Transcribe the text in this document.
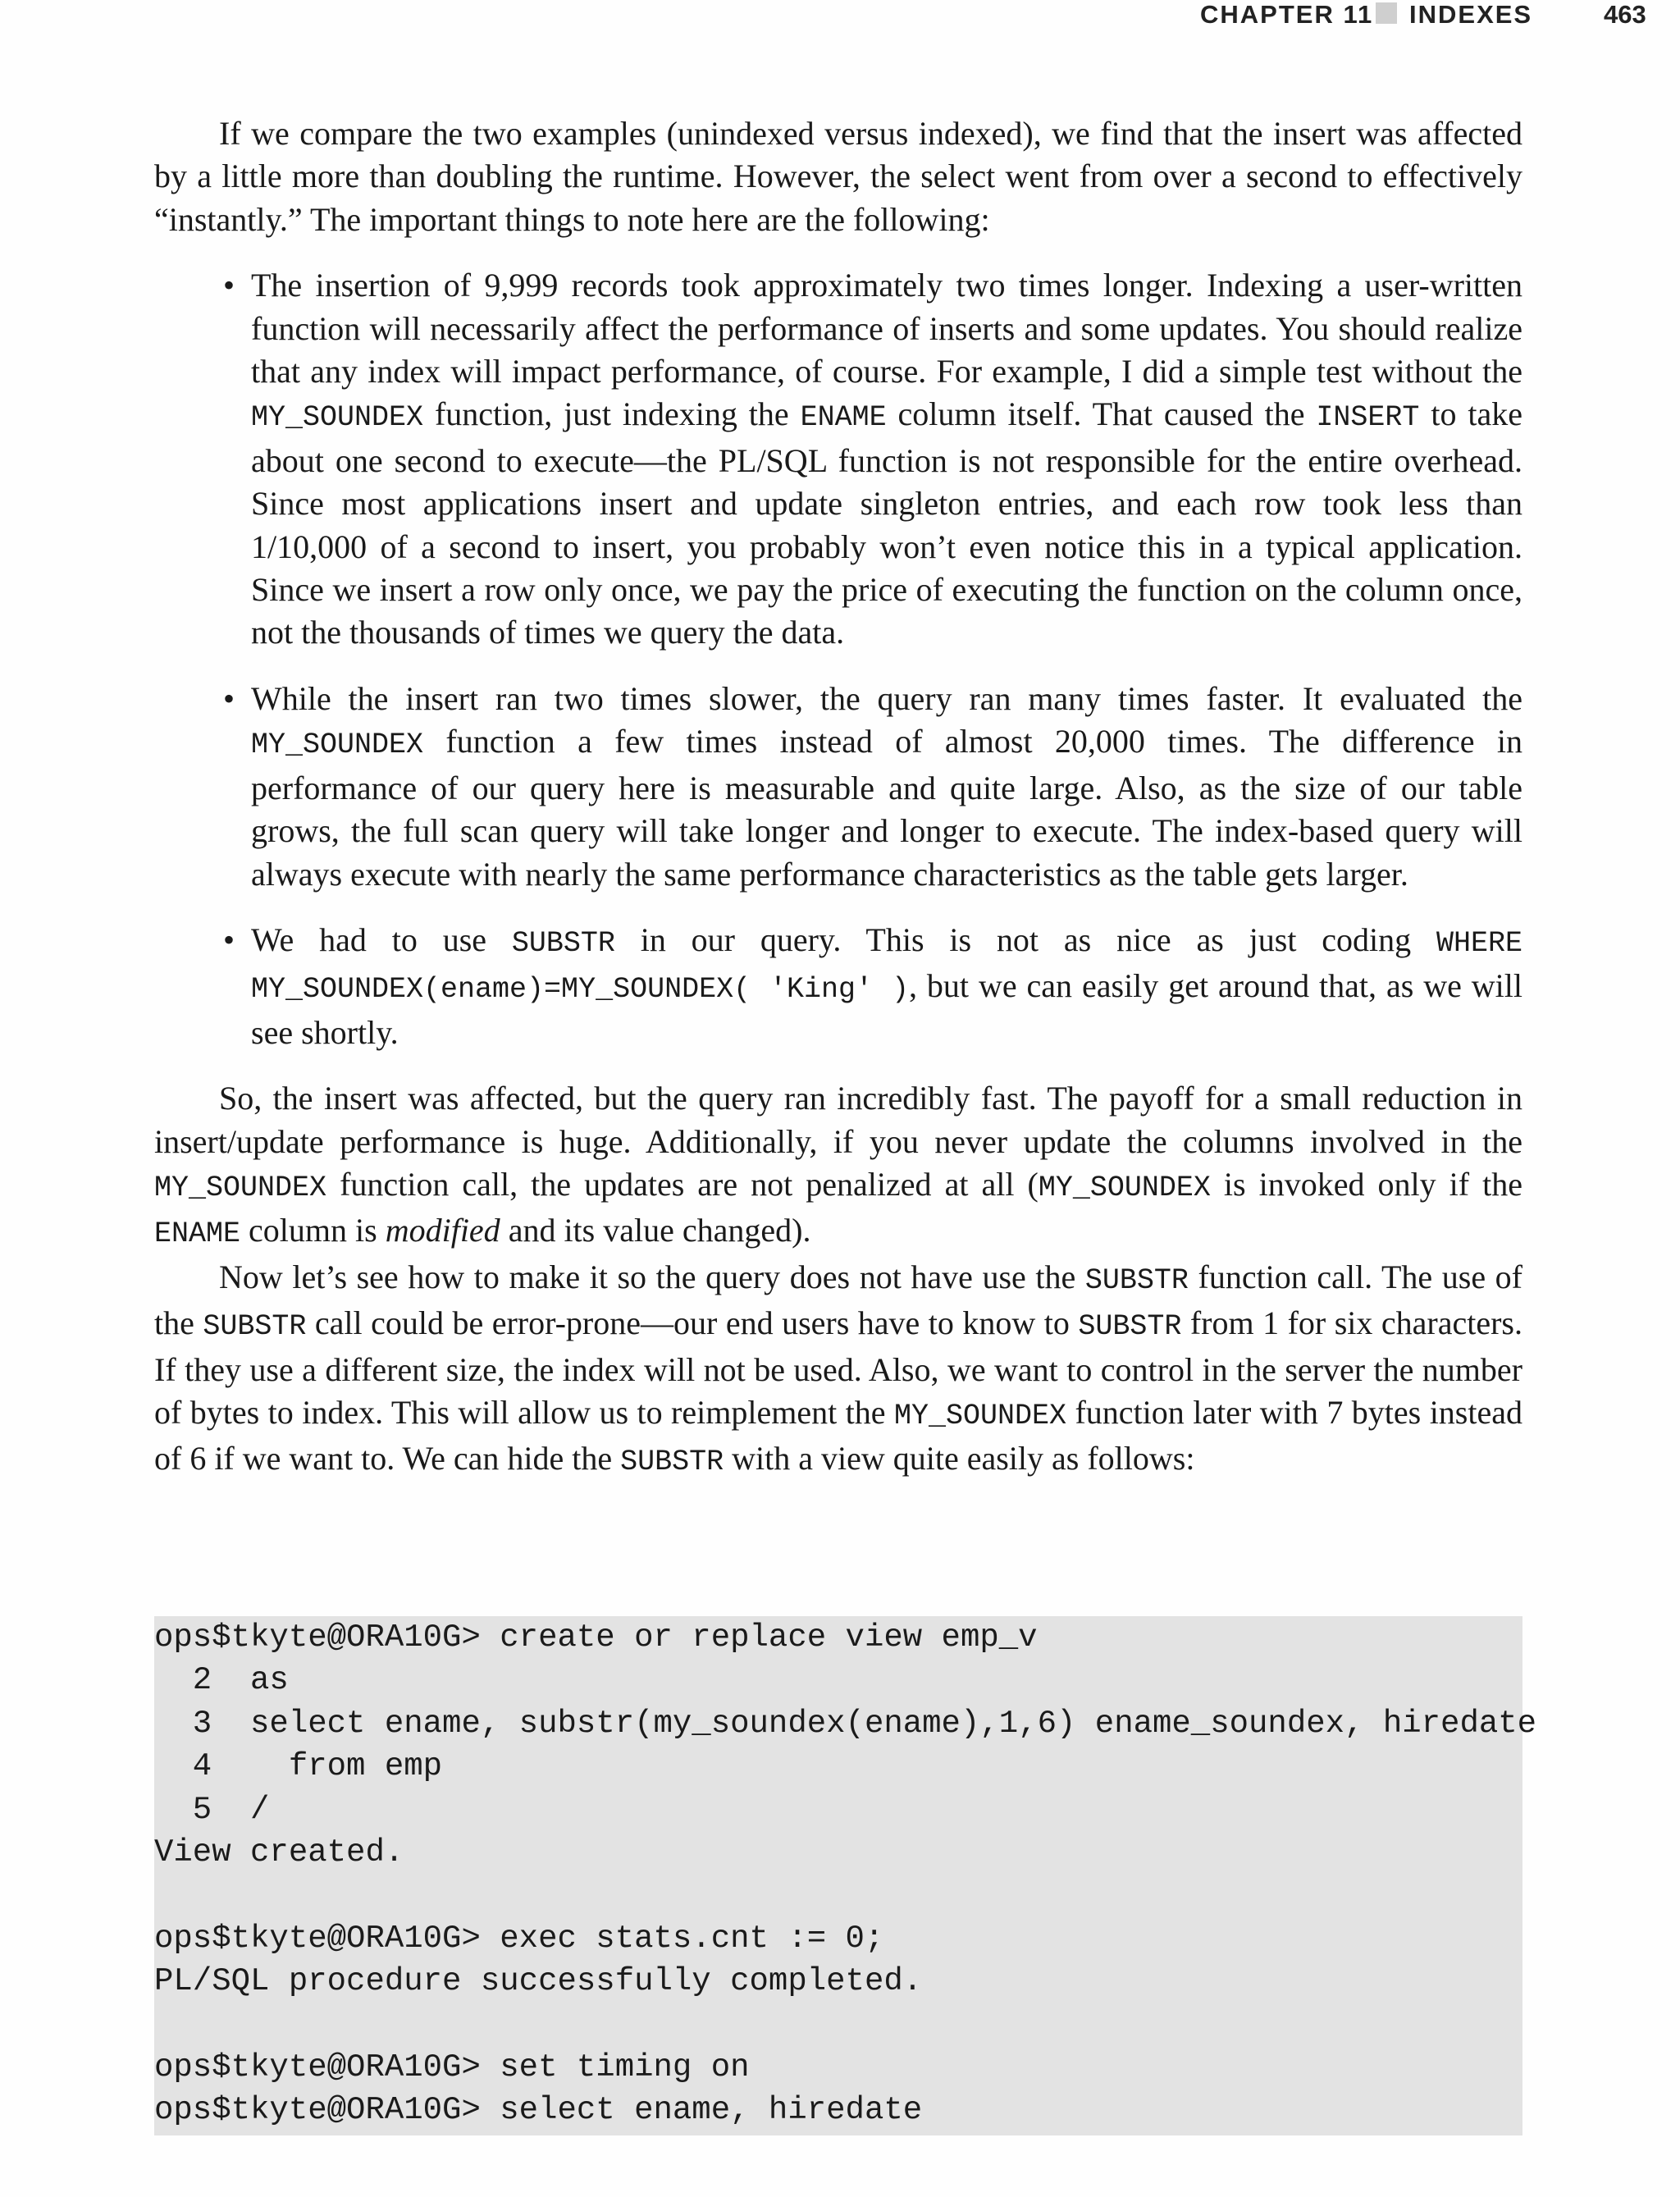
CHAPTER 11 INDEXES	463

If we compare the two examples (unindexed versus indexed), we find that the insert was affected by a little more than doubling the runtime. However, the select went from over a second to effectively “instantly.” The important things to note here are the following:

• The insertion of 9,999 records took approximately two times longer. Indexing a user-written function will necessarily affect the performance of inserts and some updates. You should realize that any index will impact performance, of course. For example, I did a simple test without the MY_SOUNDEX function, just indexing the ENAME column itself. That caused the INSERT to take about one second to execute—the PL/SQL function is not responsible for the entire overhead. Since most applications insert and update singleton entries, and each row took less than 1/10,000 of a second to insert, you probably won’t even notice this in a typical application. Since we insert a row only once, we pay the price of executing the function on the column once, not the thousands of times we query the data.
• While the insert ran two times slower, the query ran many times faster. It evaluated the MY_SOUNDEX function a few times instead of almost 20,000 times. The difference in performance of our query here is measurable and quite large. Also, as the size of our table grows, the full scan query will take longer and longer to execute. The index-based query will always execute with nearly the same performance characteristics as the table gets larger.
• We had to use SUBSTR in our query. This is not as nice as just coding WHERE MY_SOUNDEX(ename)=MY_SOUNDEX( 'King' ), but we can easily get around that, as we will see shortly.

So, the insert was affected, but the query ran incredibly fast. The payoff for a small reduction in insert/update performance is huge. Additionally, if you never update the columns involved in the MY_SOUNDEX function call, the updates are not penalized at all (MY_SOUNDEX is invoked only if the ENAME column is modified and its value changed).

Now let’s see how to make it so the query does not have use the SUBSTR function call. The use of the SUBSTR call could be error-prone—our end users have to know to SUBSTR from 1 for six characters. If they use a different size, the index will not be used. Also, we want to control in the server the number of bytes to index. This will allow us to reimplement the MY_SOUNDEX function later with 7 bytes instead of 6 if we want to. We can hide the SUBSTR with a view quite easily as follows:

ops$tkyte@ORA10G> create or replace view emp_v
2  as
3  select ename, substr(my_soundex(ename),1,6) ename_soundex, hiredate
4    from emp
5  /
View created.
ops$tkyte@ORA10G> exec stats.cnt := 0;
PL/SQL procedure successfully completed.
ops$tkyte@ORA10G> set timing on
ops$tkyte@ORA10G> select ename, hiredate
